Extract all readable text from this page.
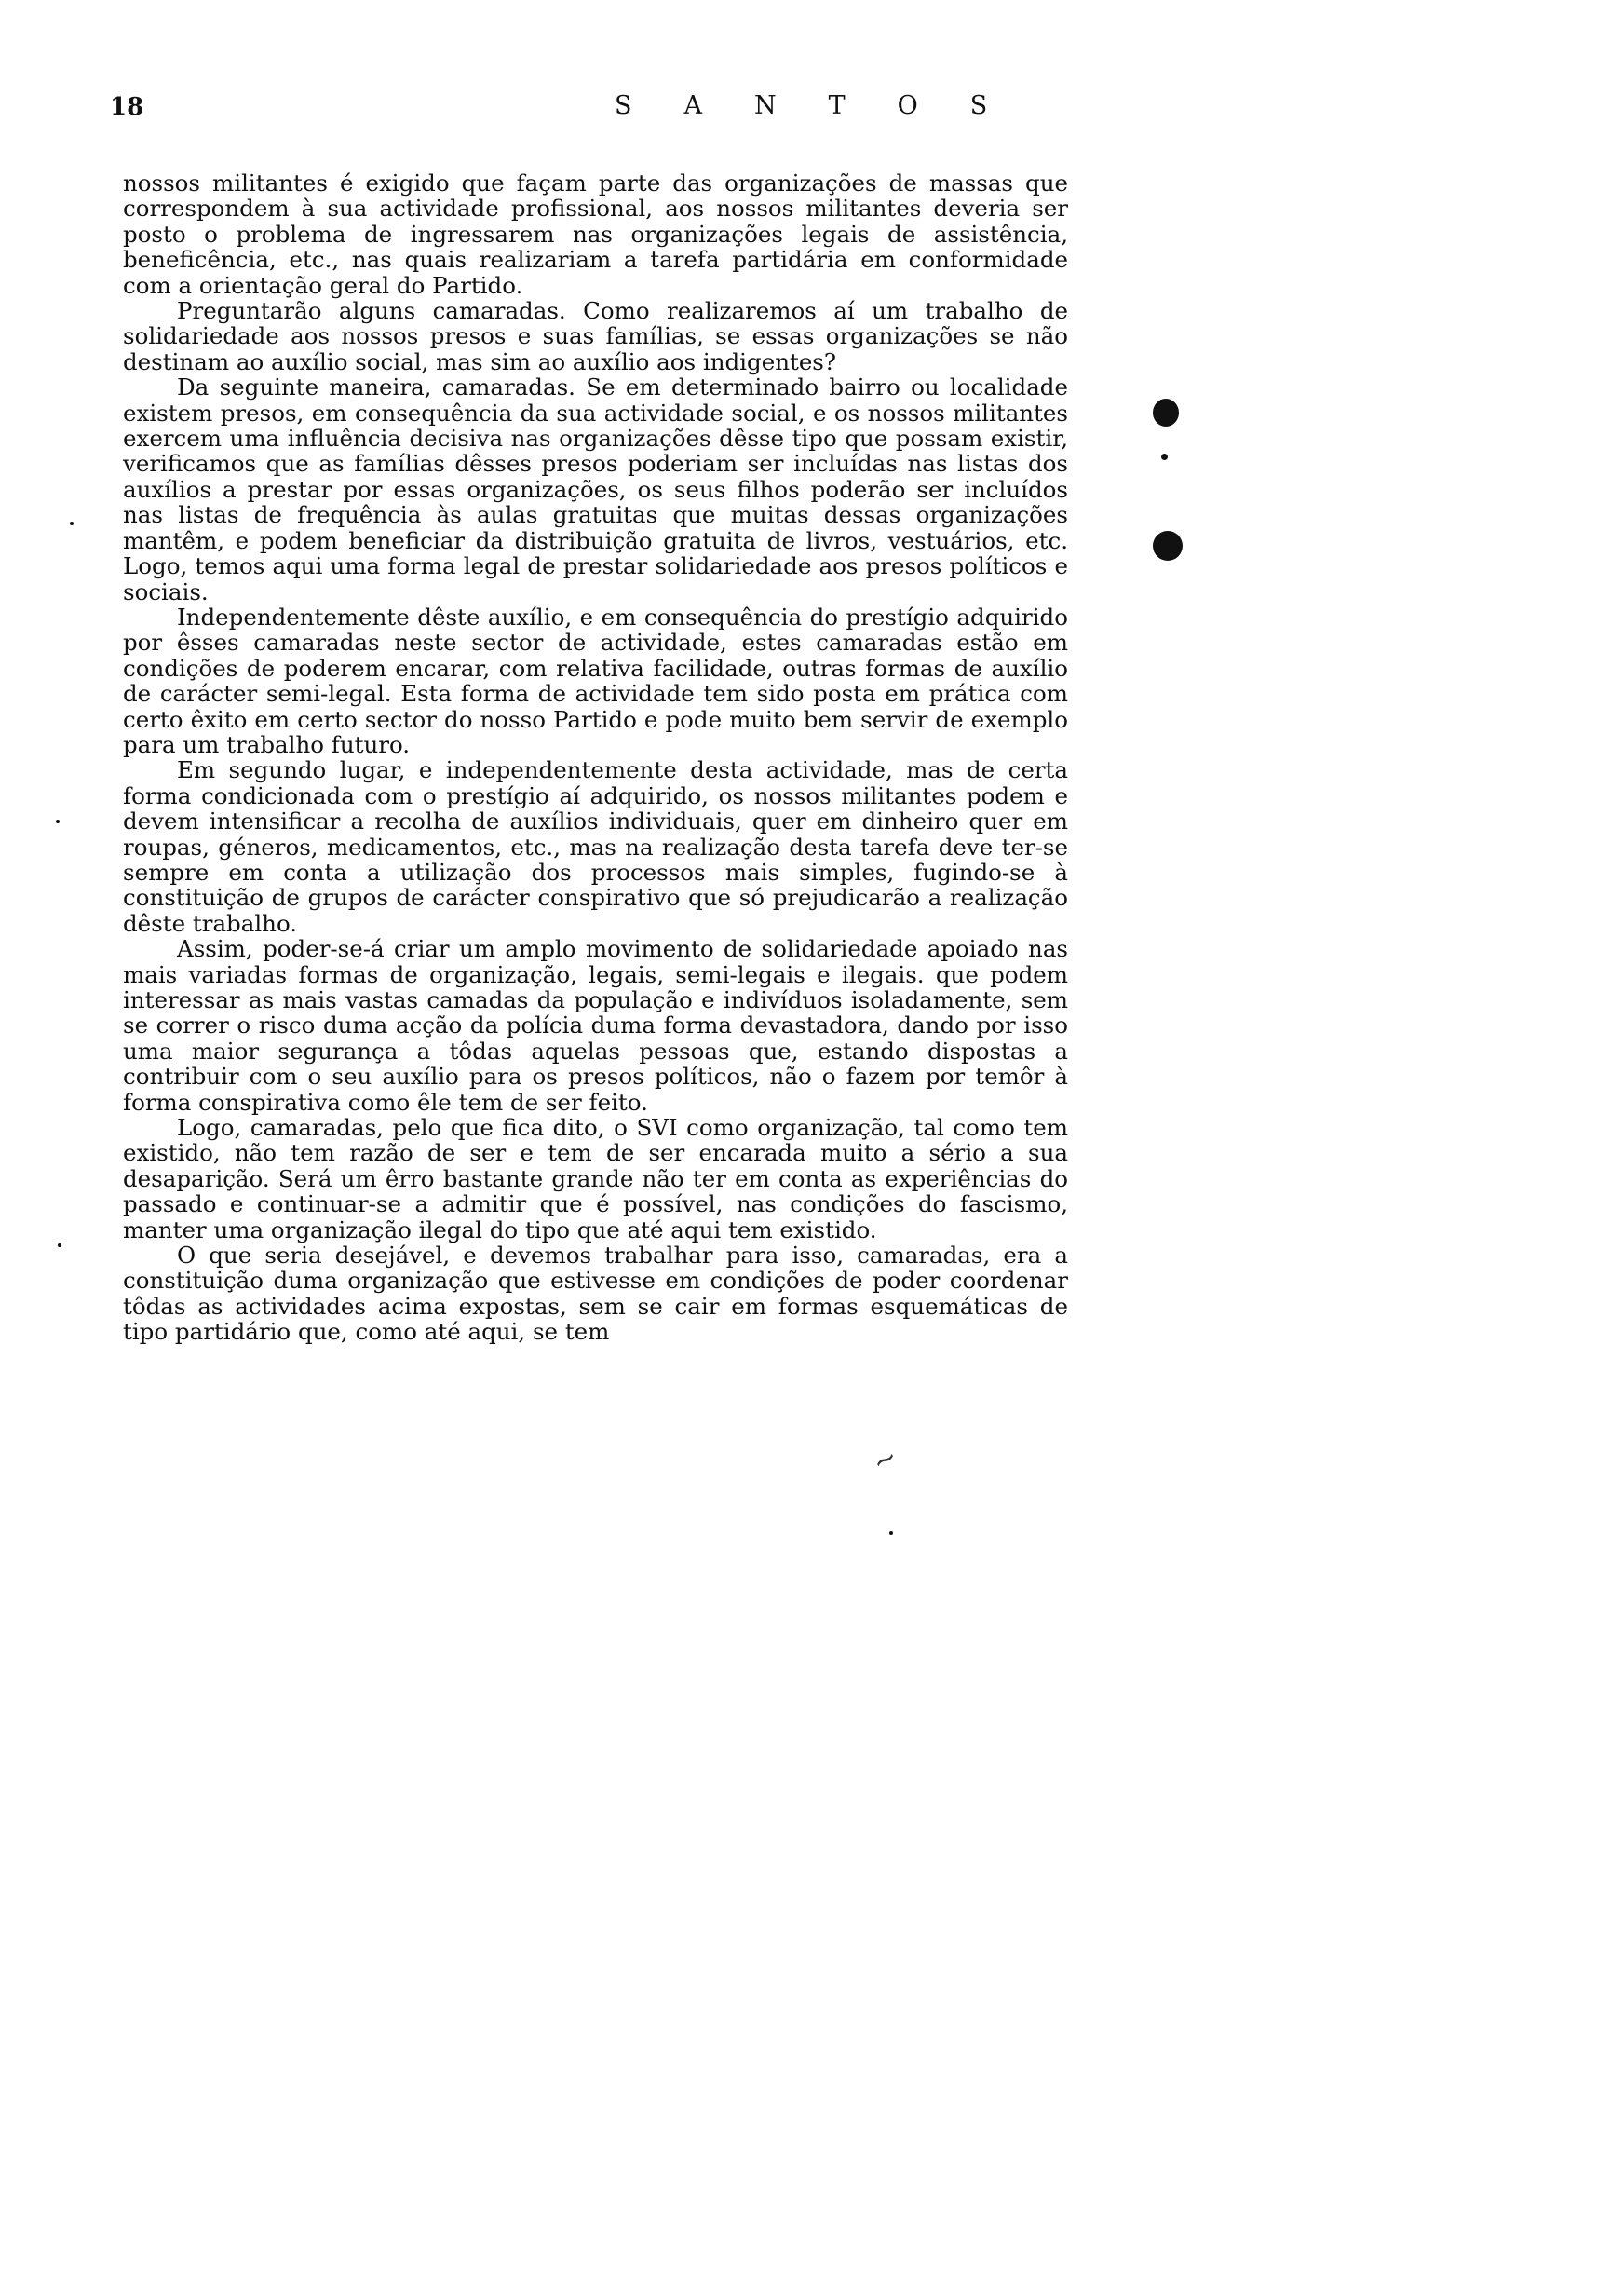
18	SANTOS

nossos militantes é exigido que façam parte das organizações de massas que correspondem à sua actividade profissional, aos nossos militantes deveria ser posto o problema de ingressarem nas organizações legais de assistência, beneficência, etc., nas quais realizariam a tarefa partidária em conformidade com a orientação geral do Partido.

Preguntarão alguns camaradas. Como realizaremos aí um trabalho de solidariedade aos nossos presos e suas famílias, se essas organizações se não destinam ao auxílio social, mas sim ao auxílio aos indigentes?

Da seguinte maneira, camaradas. Se em determinado bairro ou localidade existem presos, em consequência da sua actividade social, e os nossos militantes exercem uma influência decisiva nas organizações dêsse tipo que possam existir, verificamos que as famílias dêsses presos poderiam ser incluídas nas listas dos auxílios a prestar por essas organizações, os seus filhos poderão ser incluídos nas listas de frequência às aulas gratuitas que muitas dessas organizações mantêm, e podem beneficiar da distribuição gratuita de livros, vestuários, etc. Logo, temos aqui uma forma legal de prestar solidariedade aos presos políticos e sociais.

Independentemente dêste auxílio, e em consequência do prestígio adquirido por êsses camaradas neste sector de actividade, estes camaradas estão em condições de poderem encarar, com relativa facilidade, outras formas de auxílio de carácter semi-legal. Esta forma de actividade tem sido posta em prática com certo êxito em certo sector do nosso Partido e pode muito bem servir de exemplo para um trabalho futuro.

Em segundo lugar, e independentemente desta actividade, mas de certa forma condicionada com o prestígio aí adquirido, os nossos militantes podem e devem intensificar a recolha de auxílios individuais, quer em dinheiro quer em roupas, géneros, medicamentos, etc., mas na realização desta tarefa deve ter-se sempre em conta a utilização dos processos mais simples, fugindo-se à constituição de grupos de carácter conspirativo que só prejudicarão a realização dêste trabalho.

Assim, poder-se-á criar um amplo movimento de solidariedade apoiado nas mais variadas formas de organização, legais, semi-legais e ilegais. que podem interessar as mais vastas camadas da população e indivíduos isoladamente, sem se correr o risco duma acção da polícia duma forma devastadora, dando por isso uma maior segurança a tôdas aquelas pessoas que, estando dispostas a contribuir com o seu auxílio para os presos políticos, não o fazem por temôr à forma conspirativa como êle tem de ser feito.

Logo, camaradas, pelo que fica dito, o SVI como organização, tal como tem existido, não tem razão de ser e tem de ser encarada muito a sério a sua desaparição. Será um êrro bastante grande não ter em conta as experiências do passado e continuar-se a admitir que é possível, nas condições do fascismo, manter uma organização ilegal do tipo que até aqui tem existido.

O que seria desejável, e devemos trabalhar para isso, camaradas, era a constituição duma organização que estivesse em condições de poder coordenar tôdas as actividades acima expostas, sem se cair em formas esquemáticas de tipo partidário que, como até aqui, se tem

~
